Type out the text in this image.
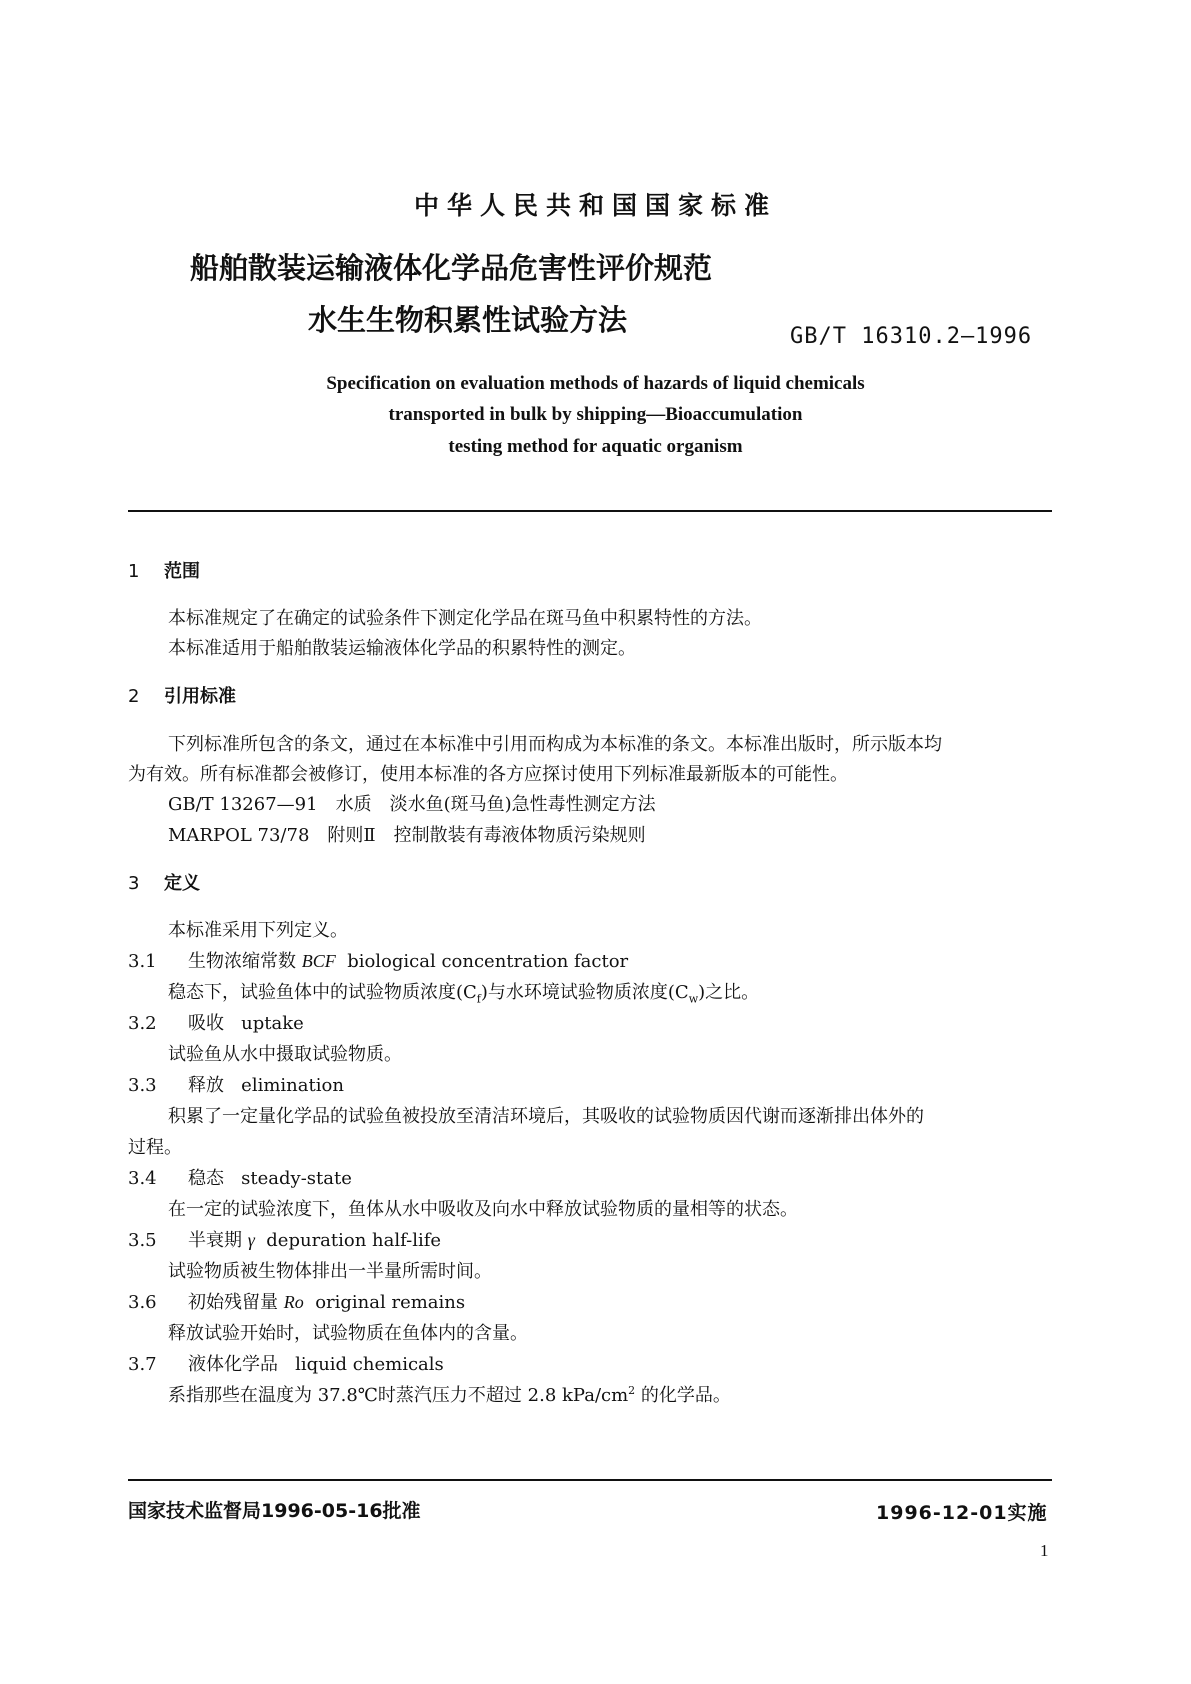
中华人民共和国国家标准
船舶散装运输液体化学品危害性评价规范
水生生物积累性试验方法	GB/T 16310.2—1996
Specification on evaluation methods of hazards of liquid chemicals
transported in bulk by shipping—Bioaccumulation
testing method for aquatic organism
1 范围
本标准规定了在确定的试验条件下测定化学品在斑马鱼中积累特性的方法。
本标准适用于船舶散装运输液体化学品的积累特性的测定。
2 引用标准
下列标准所包含的条文，通过在本标准中引用而构成为本标准的条文。本标准出版时，所示版本均
为有效。所有标准都会被修订，使用本标准的各方应探讨使用下列标准最新版本的可能性。
GB/T 13267—91　水质　淡水鱼(斑马鱼)急性毒性测定方法
MARPOL 73/78　附则Ⅱ　控制散装有毒液体物质污染规则
3 定义
本标准采用下列定义。
3.1 生物浓缩常数 BCF biological concentration factor
稳态下，试验鱼体中的试验物质浓度$(C_f)$与水环境试验物质浓度$(C_w)$之比。
3.2 吸收 uptake
试验鱼从水中摄取试验物质。
3.3 释放 elimination
积累了一定量化学品的试验鱼被投放至清洁环境后，其吸收的试验物质因代谢而逐渐排出体外的
过程。
3.4 稳态 steady-state
在一定的试验浓度下，鱼体从水中吸收及向水中释放试验物质的量相等的状态。
3.5 半衰期 γ depuration half-life
试验物质被生物体排出一半量所需时间。
3.6 初始残留量 Ro original remains
释放试验开始时，试验物质在鱼体内的含量。
3.7 液体化学品 liquid chemicals
系指那些在温度为 37.8℃时蒸汽压力不超过 2.8 kPa/$cm^2$ 的化学品。
国家技术监督局1996-05-16批准	1996-12-01实施
1
